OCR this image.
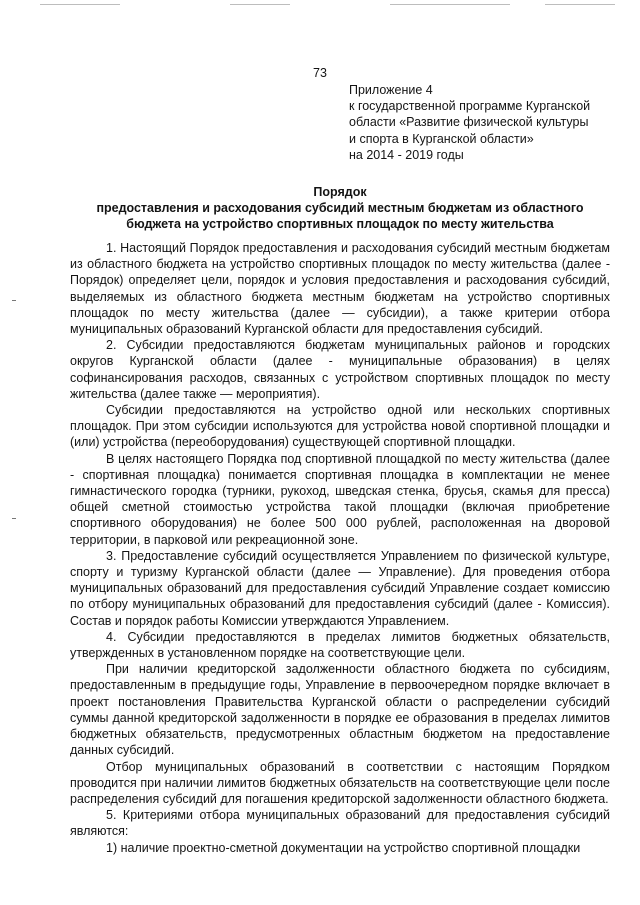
73
Приложение 4
к государственной программе Курганской
области «Развитие физической культуры
и спорта в Курганской области»
на 2014 - 2019 годы
Порядок
предоставления и расходования субсидий местным бюджетам из областного
бюджета на устройство спортивных площадок по месту жительства

1. Настоящий Порядок предоставления и расходования субсидий местным бюджетам из областного бюджета на устройство спортивных площадок по месту жительства (далее - Порядок) определяет цели, порядок и условия предоставления и расходования субсидий, выделяемых из областного бюджета местным бюджетам на устройство спортивных площадок по месту жительства (далее — субсидии), а также критерии отбора муниципальных образований Курганской области для предоставления субсидий.

2. Субсидии предоставляются бюджетам муниципальных районов и городских округов Курганской области (далее - муниципальные образования) в целях софинансирования расходов, связанных с устройством спортивных площадок по месту жительства (далее также — мероприятия).

Субсидии предоставляются на устройство одной или нескольких спортивных площадок. При этом субсидии используются для устройства новой спортивной площадки и (или) устройства (переоборудования) существующей спортивной площадки.

В целях настоящего Порядка под спортивной площадкой по месту жительства (далее - спортивная площадка) понимается спортивная площадка в комплектации не менее гимнастического городка (турники, рукоход, шведская стенка, брусья, скамья для пресса) общей сметной стоимостью устройства такой площадки (включая приобретение спортивного оборудования) не более 500 000 рублей, расположенная на дворовой территории, в парковой или рекреационной зоне.

3. Предоставление субсидий осуществляется Управлением по физической культуре, спорту и туризму Курганской области (далее — Управление). Для проведения отбора муниципальных образований для предоставления субсидий Управление создает комиссию по отбору муниципальных образований для предоставления субсидий (далее - Комиссия). Состав и порядок работы Комиссии утверждаются Управлением.

4. Субсидии предоставляются в пределах лимитов бюджетных обязательств, утвержденных в установленном порядке на соответствующие цели.

При наличии кредиторской задолженности областного бюджета по субсидиям, предоставленным в предыдущие годы, Управление в первоочередном порядке включает в проект постановления Правительства Курганской области о распределении субсидий суммы данной кредиторской задолженности в порядке ее образования в пределах лимитов бюджетных обязательств, предусмотренных областным бюджетом на предоставление данных субсидий.

Отбор муниципальных образований в соответствии с настоящим Порядком проводится при наличии лимитов бюджетных обязательств на соответствующие цели после распределения субсидий для погашения кредиторской задолженности областного бюджета.

5. Критериями отбора муниципальных образований для предоставления субсидий являются:

1) наличие проектно-сметной документации на устройство спортивной площадки
